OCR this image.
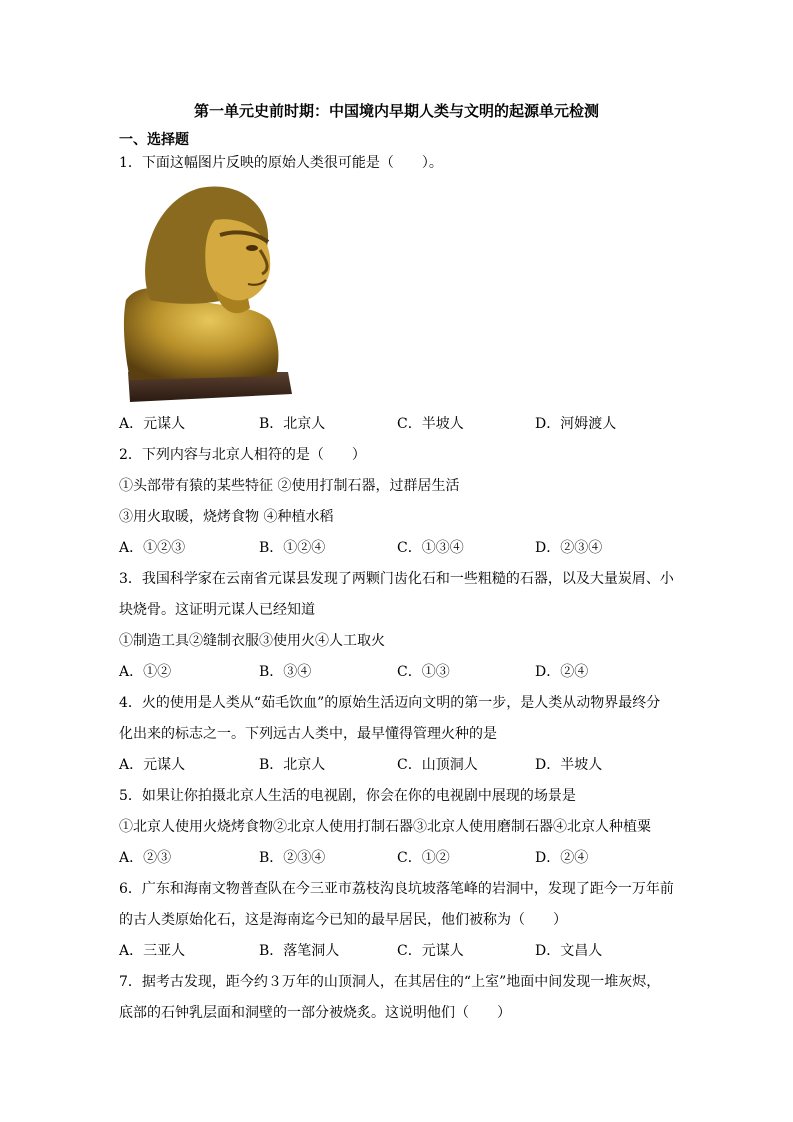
第一单元史前时期：中国境内早期人类与文明的起源单元检测
一、选择题
1．下面这幅图片反映的原始人类很可能是（　　）。
A．元谋人	B．北京人	C．半坡人	D．河姆渡人
2．下列内容与北京人相符的是（　　）
①头部带有猿的某些特征 ②使用打制石器，过群居生活
③用火取暖，烧烤食物 ④种植水稻
A．①②③	B．①②④	C．①③④	D．②③④
3．我国科学家在云南省元谋县发现了两颗门齿化石和一些粗糙的石器，以及大量炭屑、小
块烧骨。这证明元谋人已经知道
①制造工具②缝制衣服③使用火④人工取火
A．①②	B．③④	C．①③	D．②④
4．火的使用是人类从“茹毛饮血”的原始生活迈向文明的第一步，是人类从动物界最终分
化出来的标志之一。下列远古人类中，最早懂得管理火种的是
A．元谋人	B．北京人	C．山顶洞人	D．半坡人
5．如果让你拍摄北京人生活的电视剧，你会在你的电视剧中展现的场景是
①北京人使用火烧烤食物②北京人使用打制石器③北京人使用磨制石器④北京人种植粟
A．②③	B．②③④	C．①②	D．②④
6．广东和海南文物普查队在今三亚市荔枝沟良坑坡落笔峰的岩洞中，发现了距今一万年前
的古人类原始化石，这是海南迄今已知的最早居民，他们被称为（　　）
A．三亚人	B．落笔洞人	C．元谋人	D．文昌人
7．据考古发现，距今约３万年的山顶洞人，在其居住的“上室”地面中间发现一堆灰烬，
底部的石钟乳层面和洞壁的一部分被烧炙。这说明他们（　　）
